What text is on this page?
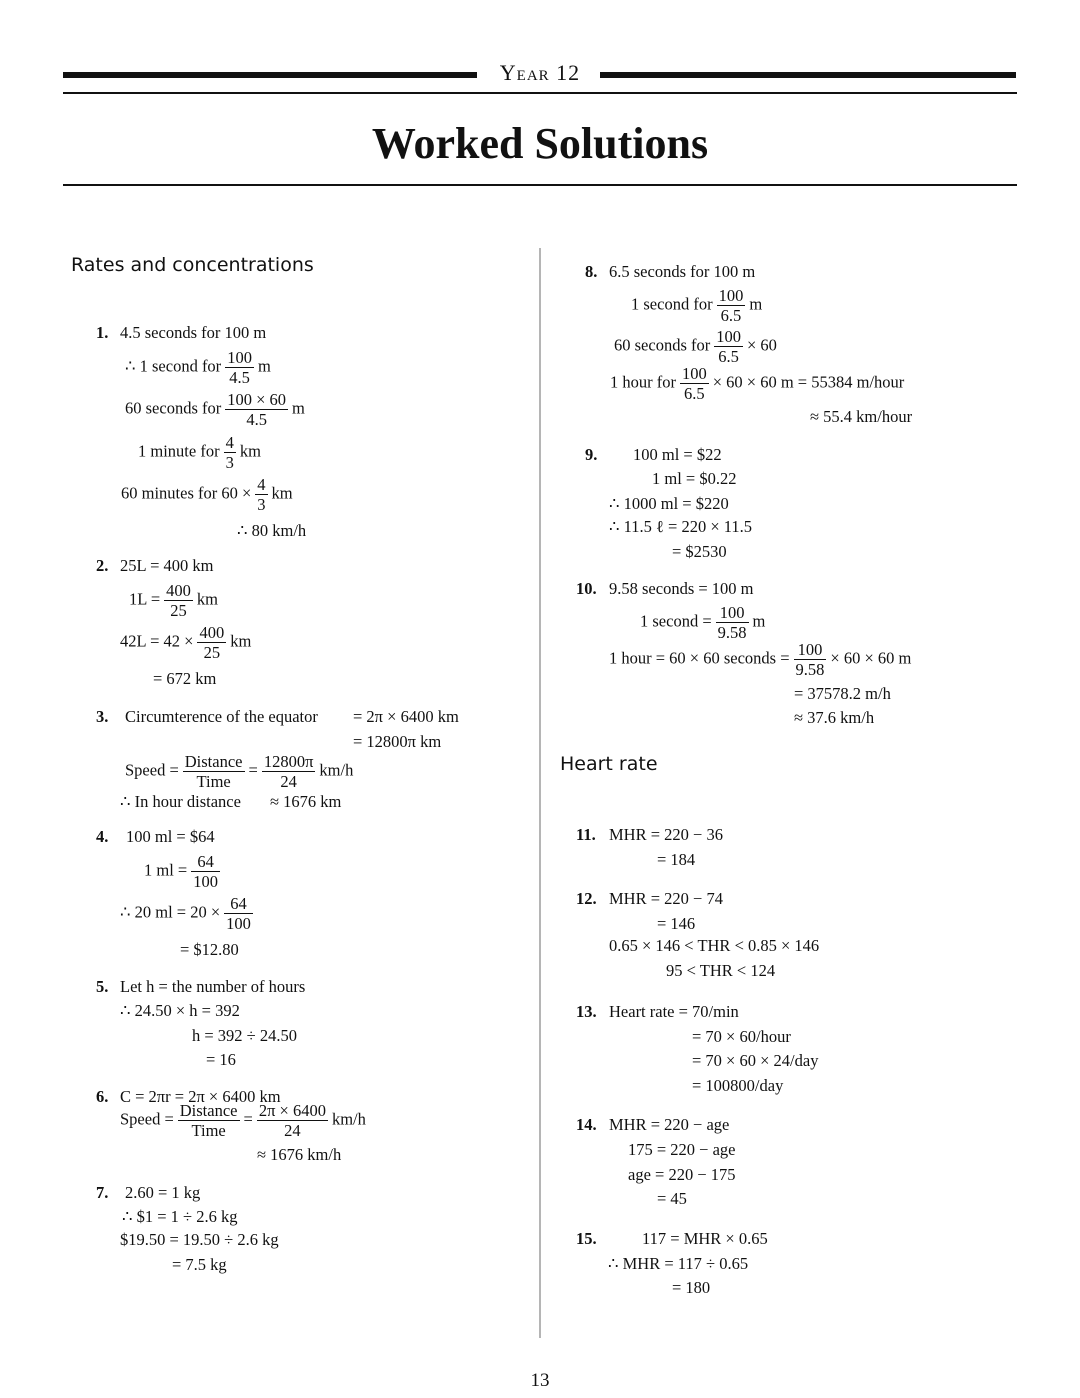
Year 12
Worked Solutions
Rates and concentrations
1. 4.5 seconds for 100 m
∴ 1 second for $\frac{100}{4.5}$ m
60 seconds for $\frac{100 \times 60}{4.5}$ m
1 minute for $\frac{4}{3}$ km
60 minutes for $60 \times \frac{4}{3}$ km
∴ 80 km/h
2. 25L = 400 km
$1L = \frac{400}{25}$ km
$42L = 42 \times \frac{400}{25}$ km
= 672 km
3. Circumterence of the equator = 2π × 6400 km
= 12800π km
Speed = $\frac{\text{Distance}}{\text{Time}} = \frac{12800\pi}{24} km/h$
∴ In hour distance ≈ 1676 km
4. 100 ml = $64
1 ml = $\frac{64}{100}$
∴ 20 ml = $20 \times \frac{64}{100}$
= $12.80
5. Let h = the number of hours
∴ 24.50 × h = 392
h = 392 ÷ 24.50
= 16
6. C = 2πr = 2π × 6400 km
Speed = $\frac{\text{Distance}}{\text{Time}} = \frac{2\pi \times 6400}{24} km/h$
≈ 1676 km/h
7. 2.60 = 1 kg
∴ $1 = 1 ÷ 2.6 kg
$19.50 = 19.50 ÷ 2.6 kg
= 7.5 kg
8. 6.5 seconds for 100 m
1 second for $\frac{100}{6.5}$ m
60 seconds for $\frac{100}{6.5} \times 60$
1 hour for $\frac{100}{6.5} \times 60 \times 60$ m = 55384 m/hour
≈ 55.4 km/hour
9. 100 ml = $22
1 ml = $0.22
∴ 1000 ml = $220
∴ 11.5 ℓ = 220 × 11.5
= $2530
10. 9.58 seconds = 100 m
1 second = $\frac{100}{9.58}$ m
1 hour = 60 × 60 seconds = $\frac{100}{9.58} \times 60 \times 60$ m
= 37578.2 m/h
≈ 37.6 km/h
Heart rate
11. MHR = 220 − 36
= 184
12. MHR = 220 − 74
= 146
0.65 × 146 < THR < 0.85 × 146
95 < THR < 124
13. Heart rate = 70/min
= 70 × 60/hour
= 70 × 60 × 24/day
= 100800/day
14. MHR = 220 − age
175 = 220 − age
age = 220 − 175
= 45
15.	117 = MHR × 0.65
∴ MHR = 117 ÷ 0.65
= 180
13
